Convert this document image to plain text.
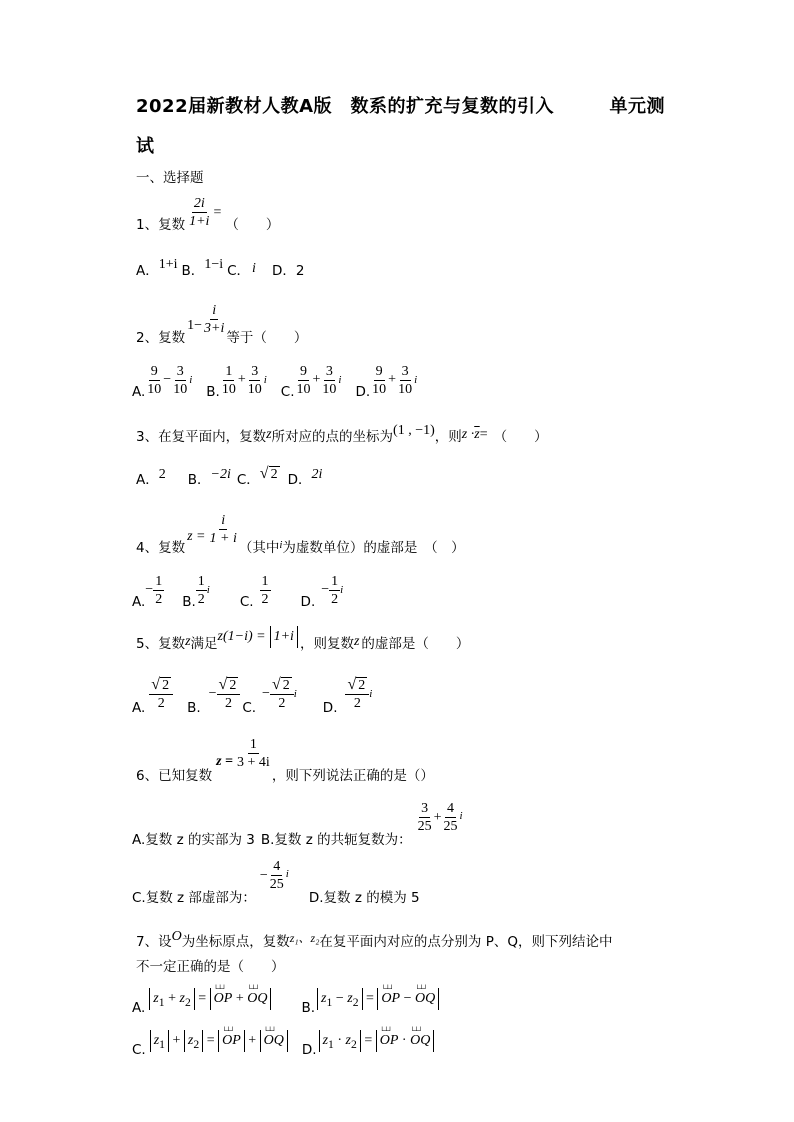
2022届新教材人教A版　数系的扩充与复数的引入　　　单元测
试
一、选择题
1、复数 $\frac{2i}{1+i}$ =
（　　）
A． 1+i B． 1−i C． i D．2
2、复数
$1- \frac{i}{3+i}$
等于（　　）
A. $\frac{9}{10} - \frac{3}{10}$ i
B. $\frac{1}{10} + \frac{3}{10}$ i
C. $\frac{9}{10} + \frac{3}{10}$ i
D. $\frac{9}{10} + \frac{3}{10}$ i
3、在复平面内，复数 z 所对应的点的坐标为 (1 , −1) ，则 $z \cdot \overline{z}$ = （　　）
A． 2 B． −2i C． √ 2 D． 2i
4、复数
$z = \frac{i}{1 + i}$
（其中 i 为虚数单位）的虚部是　（　）
A.
− $\frac{1}{2} B$. $\frac{1}{2}$ i
C. $\frac{1}{2} D$.
− $\frac{1}{2}$ i
5、复数 z 满足 z(1−i) = 1+i ，则复数 z 的虚部是（　　）
A. $\frac{√ 2}{2} B$.
− $\frac{√ 2}{2} C$.
− $\frac{√ 2}{2}$ i
D. $\frac{√ 2}{2}$ i
6、已知复数
$z = \frac{1}{3 + 4i}$
，则下列说法正确的是（）
A.复数 z 的实部为 3 B.复数 z 的共轭复数为：
$\frac{3}{25} + \frac{4}{25}$ i
C.复数 z 部虚部为：
− $\frac{4}{25}$ i
D.复数 z 的模为 5
7、设 O 为坐标原点，复数 z₁、z₂ 在复平面内对应的点分别为 P、Q，则下列结论中
不一定正确的是（　　）
A.
$z_1 + z_2$ = └┴┘ OP + └┴┘ OQ
B.
$z_1 - z_2$ = └┴┘ OP − └┴┘ OQ
C.
$z_1 + z_2$ = └┴┘ OP + └┴┘ OQ
D.
$z_1 \cdot z_2$ = └┴┘ OP · └┴┘ OQ
